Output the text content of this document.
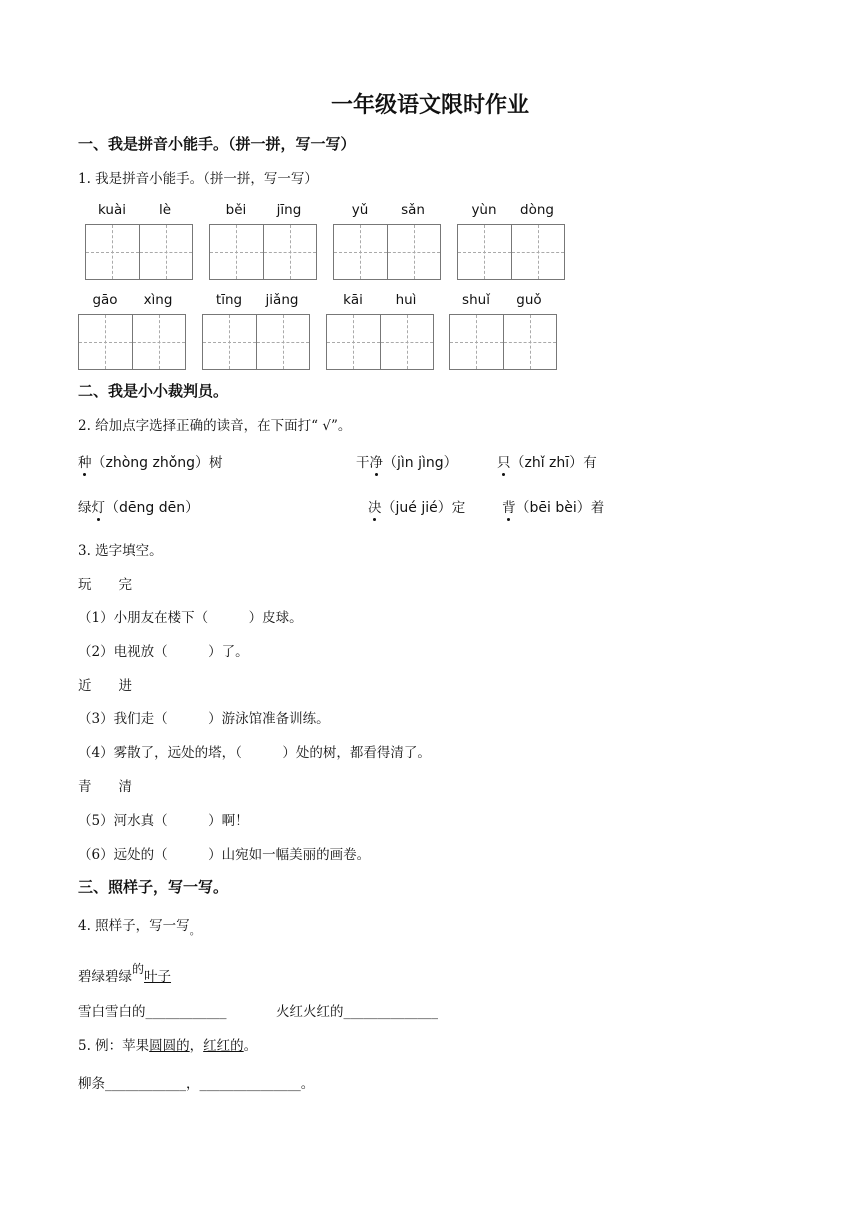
一年级语文限时作业
一、我是拼音小能手。（拼一拼，写一写）
1. 我是拼音小能手。（拼一拼，写一写）
kuài	lè	běi	jīng	yǔ	sǎn	yùn	dòng
gāo	xìng	tīng	jiǎng	kāi	huì	shuǐ	guǒ
二、我是小小裁判员。
2. 给加点字选择正确的读音，在下面打“ √”。
种（zhòng zhǒng）树	干净（jìn jìng）	只（zhǐ zhī）有
绿灯（dēng dēn）	决（jué jié）定	背（bēi bèi）着
3. 选字填空。
玩　　完
（1）小朋友在楼下（　　　）皮球。
（2）电视放（　　　）了。
近　　进
（3）我们走（　　　）游泳馆准备训练。
（4）雾散了，远处的塔，（　　　）处的树，都看得清了。
青　　清
（5）河水真（　　　）啊！
（6）远处的（　　　）山宛如一幅美丽的画卷。
三、照样子，写一写。
4. 照样子，写一写$_。$
碧绿碧绿$^的$叶子
雪白雪白的____________	火红火红的______________
5. 例：苹果圆圆的，红红的。
柳条____________，_______________。
